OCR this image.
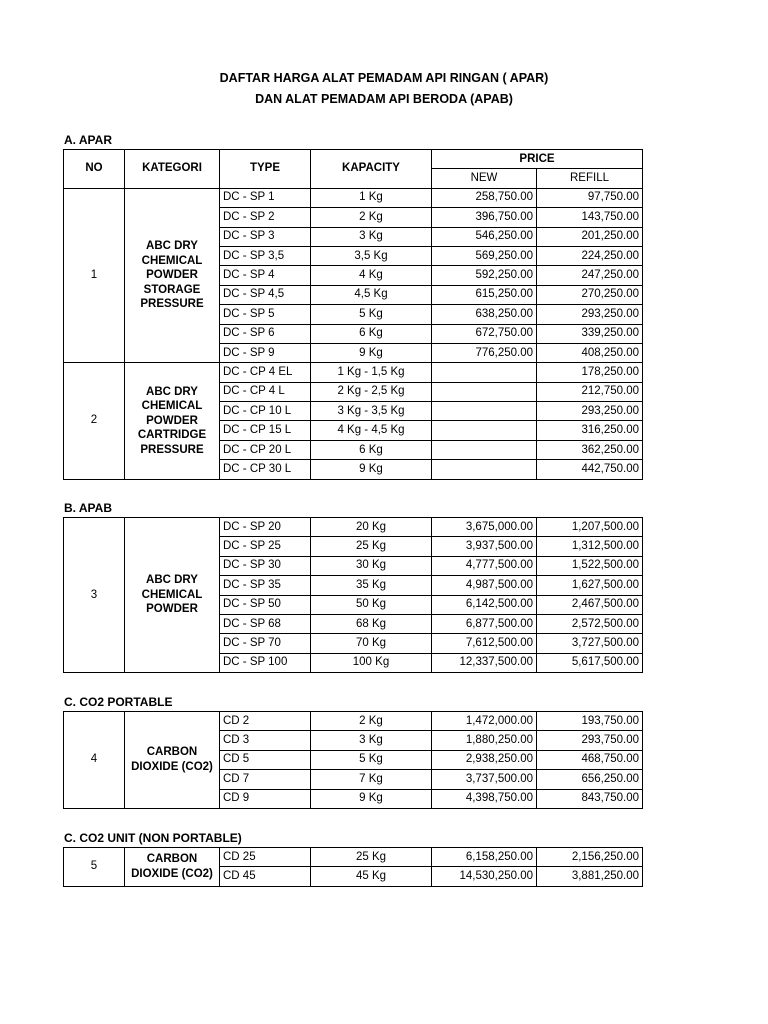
DAFTAR HARGA ALAT PEMADAM API RINGAN ( APAR)
DAN ALAT PEMADAM API BERODA (APAB)
A. APAR
NO	KATEGORI	TYPE	KAPACITY	PRICE	
				NEW	REFILL
1	ABC DRY CHEMICAL POWDER STORAGE PRESSURE	DC - SP 1	1 Kg	258,750.00	97,750.00
		DC - SP 2	2 Kg	396,750.00	143,750.00
		DC - SP 3	3 Kg	546,250.00	201,250.00
		DC - SP 3,5	3,5 Kg	569,250.00	224,250.00
		DC - SP 4	4 Kg	592,250.00	247,250.00
		DC - SP 4,5	4,5 Kg	615,250.00	270,250.00
		DC - SP 5	5 Kg	638,250.00	293,250.00
		DC - SP 6	6 Kg	672,750.00	339,250.00
		DC - SP 9	9 Kg	776,250.00	408,250.00
2	ABC DRY CHEMICAL POWDER CARTRIDGE PRESSURE	DC - CP 4 EL	1 Kg - 1,5 Kg		178,250.00
		DC - CP 4 L	2 Kg - 2,5 Kg		212,750.00
		DC - CP 10 L	3 Kg - 3,5 Kg		293,250.00
		DC - CP 15 L	4 Kg - 4,5 Kg		316,250.00
		DC - CP 20 L	6 Kg		362,250.00
		DC - CP 30 L	9 Kg		442,750.00
B. APAB
3	ABC DRY CHEMICAL POWDER	DC - SP 20	20 Kg	3,675,000.00	1,207,500.00
		DC - SP 25	25 Kg	3,937,500.00	1,312,500.00
		DC - SP 30	30 Kg	4,777,500.00	1,522,500.00
		DC - SP 35	35 Kg	4,987,500.00	1,627,500.00
		DC - SP 50	50 Kg	6,142,500.00	2,467,500.00
		DC - SP 68	68 Kg	6,877,500.00	2,572,500.00
		DC - SP 70	70 Kg	7,612,500.00	3,727,500.00
		DC - SP 100	100 Kg	12,337,500.00	5,617,500.00
C. CO2 PORTABLE
4	CARBON DIOXIDE (CO2)	CD 2	2 Kg	1,472,000.00	193,750.00
		CD 3	3 Kg	1,880,250.00	293,750.00
		CD 5	5 Kg	2,938,250.00	468,750.00
		CD 7	7 Kg	3,737,500.00	656,250.00
		CD 9	9 Kg	4,398,750.00	843,750.00
C. CO2 UNIT (NON PORTABLE)
5	CARBON DIOXIDE (CO2)	CD 25	25 Kg	6,158,250.00	2,156,250.00
		CD 45	45 Kg	14,530,250.00	3,881,250.00
